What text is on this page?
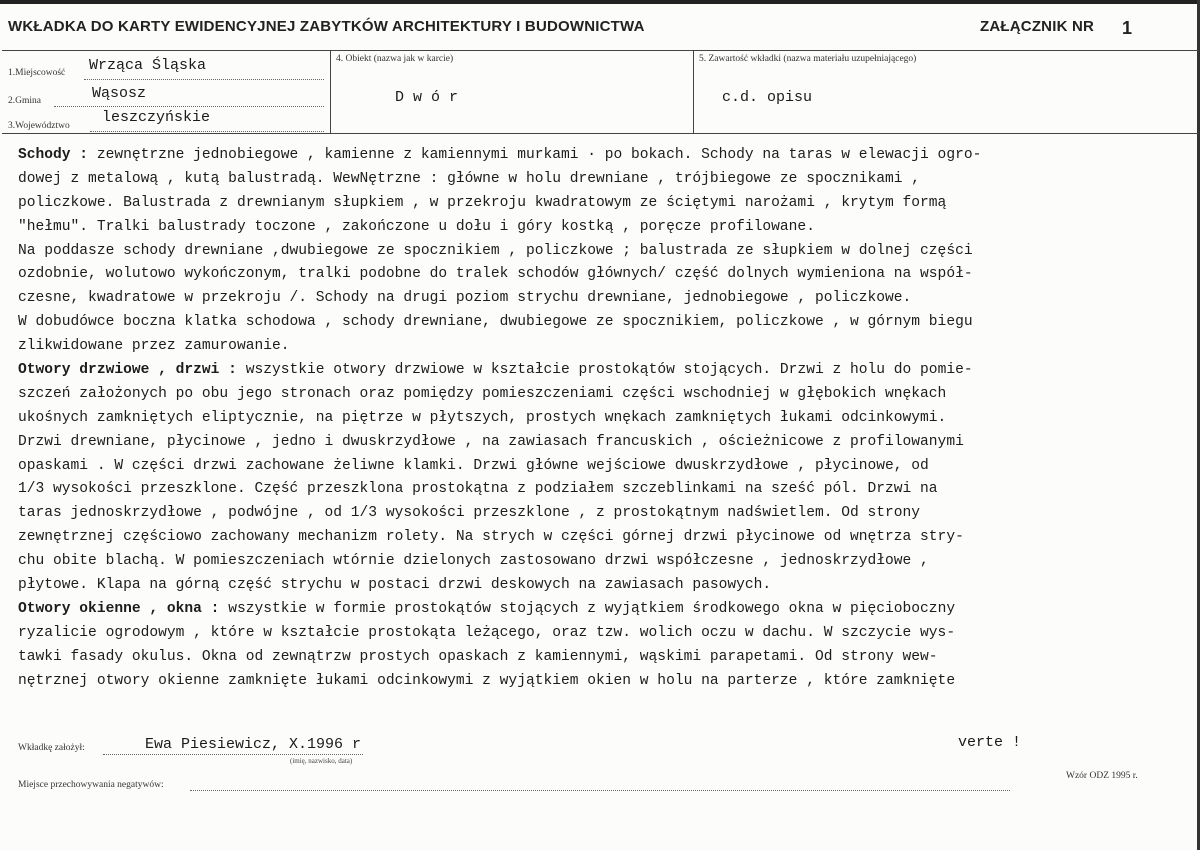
WKŁADKA DO KARTY EWIDENCYJNEJ ZABYTKÓW ARCHITEKTURY I BUDOWNICTWA	ZAŁĄCZNIK NR 1
1.Miejscowość Wrząca Śląska
2.Gmina	Wąsosz
3.Województwo leszczyńskie
4. Obiekt (nazwa jak w karcie)
D w ó r
5. Zawartość wkładki (nazwa materiału uzupełniającego)
c.d. opisu
Schody : zewnętrzne jednobiegowe , kamienne z kamiennymi murkami · po bokach. Schody na taras w elewacji ogro-
dowej z metalową , kutą balustradą. WewNętrzne : główne w holu drewniane , trójbiegowe ze spocznikami ,
policzkowe. Balustrada z drewnianym słupkiem , w przekroju kwadratowym ze ściętymi narożami , krytym formą
"hełmu". Tralki balustrady toczone , zakończone u dołu i góry kostką , poręcze profilowane.
Na poddasze schody drewniane ,dwubiegowe ze spocznikiem , policzkowe ; balustrada ze słupkiem w dolnej części
ozdobnie, wolutowo wykończonym, tralki podobne do tralek schodów głównych/ część dolnych wymieniona na współ-
czesne, kwadratowe w przekroju /. Schody na drugi poziom strychu drewniane, jednobiegowe , policzkowe.
W dobudówce boczna klatka schodowa , schody drewniane, dwubiegowe ze spocznikiem, policzkowe , w górnym biegu
zlikwidowane przez zamurowanie.
Otwory drzwiowe , drzwi : wszystkie otwory drzwiowe w kształcie prostokątów stojących. Drzwi z holu do pomie-
szczeń założonych po obu jego stronach oraz pomiędzy pomieszczeniami części wschodniej w głębokich wnękach
ukośnych zamkniętych eliptycznie, na piętrze w płytszych, prostych wnękach zamkniętych łukami odcinkowymi.
Drzwi drewniane, płycinowe , jedno i dwuskrzydłowe , na zawiasach francuskich , ościeżnicowe z profilowanymi
opaskami . W części drzwi zachowane żeliwne klamki. Drzwi główne wejściowe dwuskrzydłowe , płycinowe, od
1/3 wysokości przeszklone. Część przeszklona prostokątna z podziałem szczeblinkami na sześć pól. Drzwi na
taras jednoskrzydłowe , podwójne , od 1/3 wysokości przeszklone , z prostokątnym nadświetlem. Od strony
zewnętrznej częściowo zachowany mechanizm rolety. Na strych w części górnej drzwi płycinowe od wnętrza stry-
chu obite blachą. W pomieszczeniach wtórnie dzielonych zastosowano drzwi współczesne , jednoskrzydłowe ,
płytowe. Klapa na górną część strychu w postaci drzwi deskowych na zawiasach pasowych.
Otwory okienne , okna : wszystkie w formie prostokątów stojących z wyjątkiem środkowego okna w pięcioboczny
ryzalicie ogrodowym , które w kształcie prostokąta leżącego, oraz tzw. wolich oczu w dachu. W szczycie wys-
tawki fasady okulus. Okna od zewnątrzw prostych opaskach z kamiennymi, wąskimi parapetami. Od strony wew-
nętrznej otwory okienne zamknięte łukami odcinkowymi z wyjątkiem okien w holu na parterze , które zamknięte
verte !
Wkładkę założył:	Ewa Piesiewicz, X.1996 r
(imię, nazwisko, data)
Miejsce przechowywania negatywów:
Wzór ODZ 1995 r.
